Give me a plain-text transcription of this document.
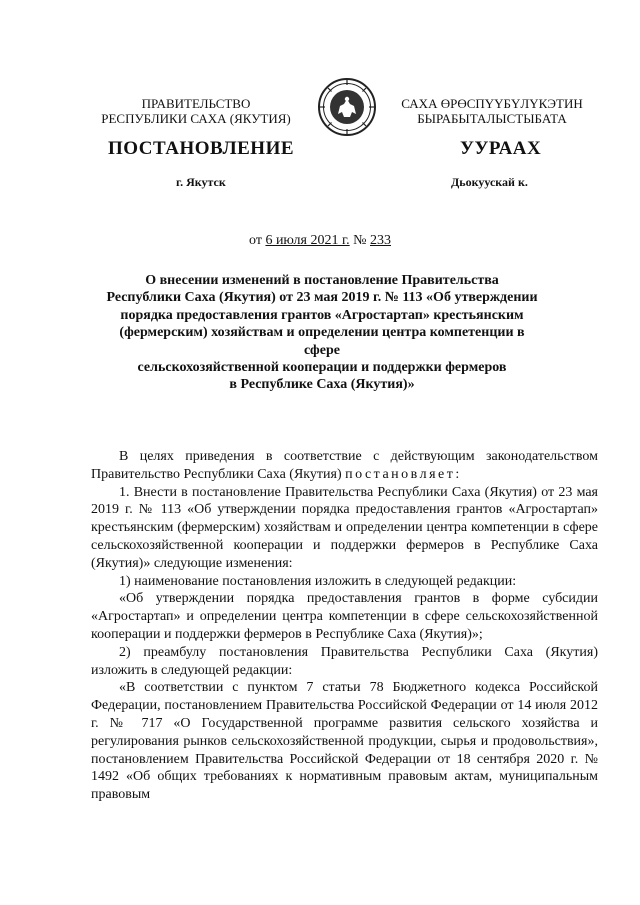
ПРАВИТЕЛЬСТВО
РЕСПУБЛИКИ САХА (ЯКУТИЯ)
САХА ӨРӨСПҮҮБҮЛҮКЭТИН
БЫРАБЫТАЛЫСТЫБАТА
ПОСТАНОВЛЕНИЕ	УУРААХ
г. Якутск	Дьокуускай к.
от 6 июля 2021 г. № 233
О внесении изменений в постановление Правительства
Республики Саха (Якутия) от 23 мая 2019 г. № 113 «Об утверждении
порядка предоставления грантов «Агростартап» крестьянским
(фермерским) хозяйствам и определении центра компетенции в сфере
сельскохозяйственной кооперации и поддержки фермеров
в Республике Саха (Якутия)»

В целях приведения в соответствие с действующим законодательством Правительство Республики Саха (Якутия) постановляет:

1. Внести в постановление Правительства Республики Саха (Якутия) от 23 мая 2019 г. № 113 «Об утверждении порядка предоставления грантов «Агростартап» крестьянским (фермерским) хозяйствам и определении центра компетенции в сфере сельскохозяйственной кооперации и поддержки фермеров в Республике Саха (Якутия)» следующие изменения:

1) наименование постановления изложить в следующей редакции:

«Об утверждении порядка предоставления грантов в форме субсидии «Агростартап» и определении центра компетенции в сфере сельскохозяйственной кооперации и поддержки фермеров в Республике Саха (Якутия)»;

2) преамбулу постановления Правительства Республики Саха (Якутия) изложить в следующей редакции:

«В соответствии с пунктом 7 статьи 78 Бюджетного кодекса Российской Федерации, постановлением Правительства Российской Федерации от 14 июля 2012 г. № 717 «О Государственной программе развития сельского хозяйства и регулирования рынков сельскохозяйственной продукции, сырья и продовольствия», постановлением Правительства Российской Федерации от 18 сентября 2020 г. № 1492 «Об общих требованиях к нормативным правовым актам, муниципальным правовым
